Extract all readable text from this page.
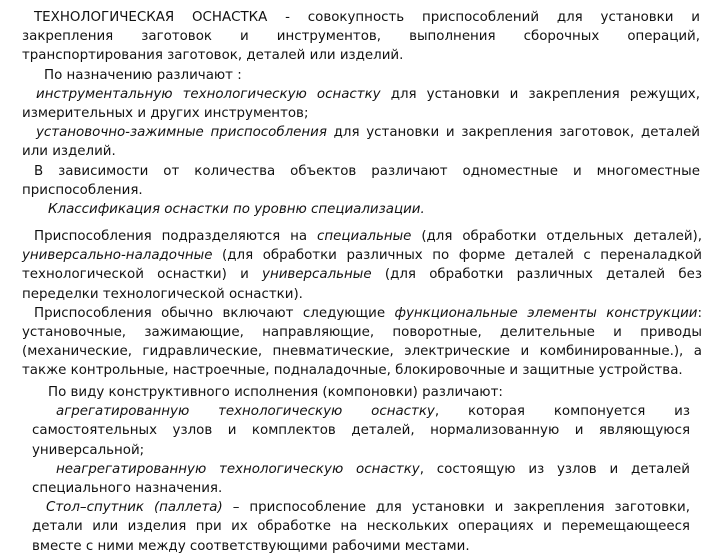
ТЕХНОЛОГИЧЕСКАЯ ОСНАСТКА - совокупность приспособлений для установки и закрепления заготовок и инструментов, выполнения сборочных операций, транспортирования заготовок, деталей или изделий.

По назначению различают :

инструментальную технологическую оснастку для установки и закрепления режущих, измерительных и других инструментов;

установочно-зажимные приспособления для установки и закрепления заготовок, деталей или изделий.

В зависимости от количества объектов различают одноместные и многоместные приспособления.

Классификация оснастки по уровню специализации.

Приспособления подразделяются на специальные (для обработки отдельных деталей), универсально-наладочные (для обработки различных по форме деталей с переналадкой технологической оснастки) и универсальные (для обработки различных деталей без переделки технологической оснастки).

Приспособления обычно включают следующие функциональные элементы конструкции: установочные, зажимающие, направляющие, поворотные, делительные и приводы (механические, гидравлические, пневматические, электрические и комбинированные.), а также контрольные, настроечные, подналадочные, блокировочные и защитные устройства.

По виду конструктивного исполнения (компоновки) различают:

агрегатированную технологическую оснастку, которая компонуется из самостоятельных узлов и комплектов деталей, нормализованную и являющуюся универсальной;

неагрегатированную технологическую оснастку, состоящую из узлов и деталей специального назначения.

Стол–спутник (паллета) – приспособление для установки и закрепления заготовки, детали или изделия при их обработке на нескольких операциях и перемещающееся вместе с ними между соответствующими рабочими местами.
